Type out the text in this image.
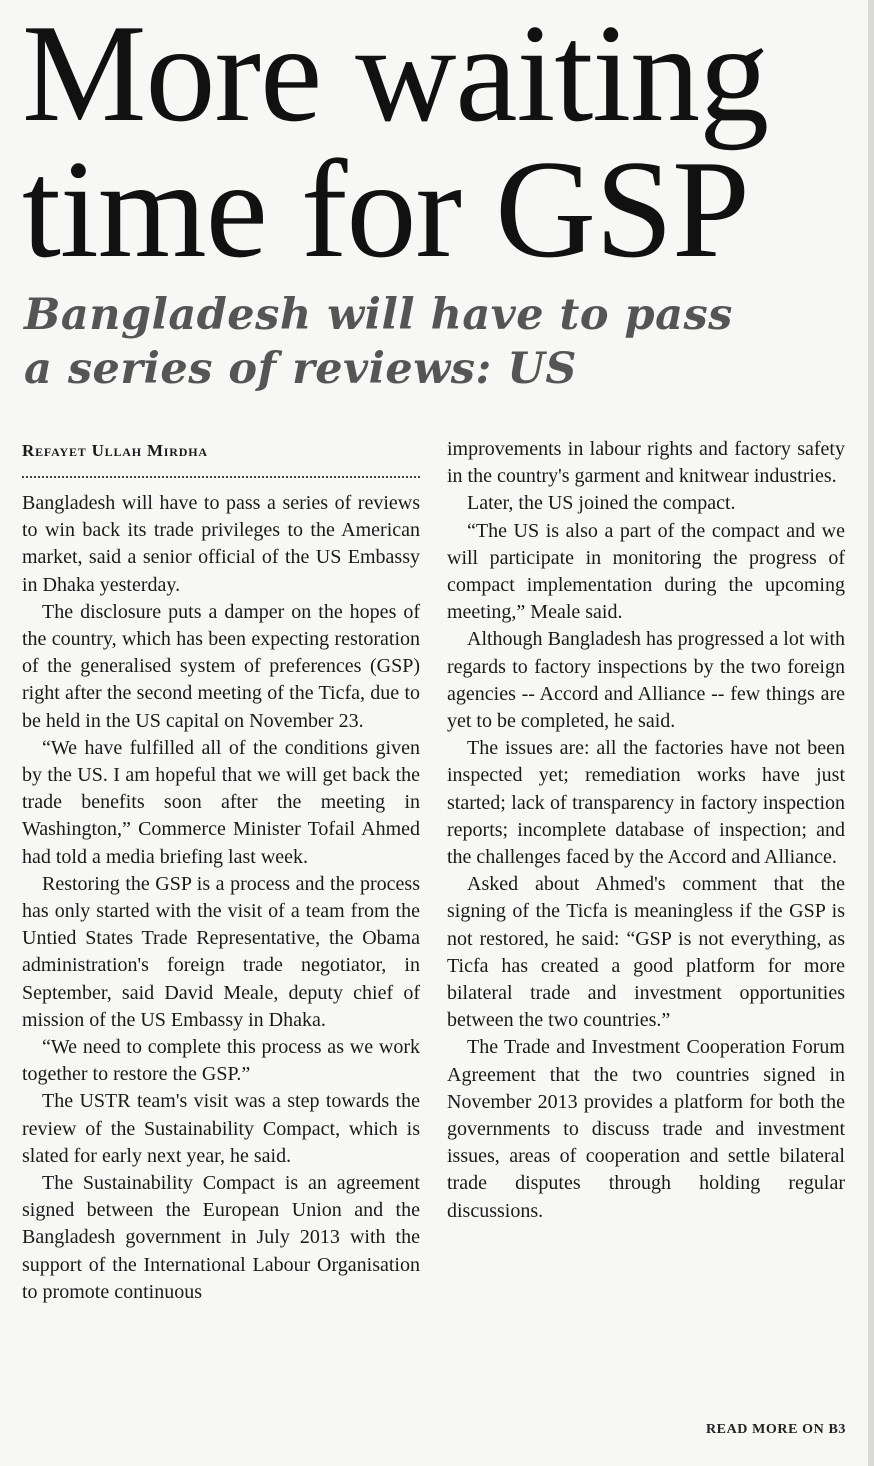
More waiting
time for GSP
Bangladesh will have to pass
a series of reviews: US

Refayet Ullah Mirdha

Bangladesh will have to pass a series of reviews to win back its trade privileges to the American market, said a senior official of the US Embassy in Dhaka yesterday.

The disclosure puts a damper on the hopes of the country, which has been expecting restoration of the generalised system of preferences (GSP) right after the second meeting of the Ticfa, due to be held in the US capital on November 23.

“We have fulfilled all of the conditions given by the US. I am hopeful that we will get back the trade benefits soon after the meeting in Washington,” Commerce Minister Tofail Ahmed had told a media briefing last week.

Restoring the GSP is a process and the process has only started with the visit of a team from the Untied States Trade Representative, the Obama administration's foreign trade negotiator, in September, said David Meale, deputy chief of mission of the US Embassy in Dhaka.

“We need to complete this process as we work together to restore the GSP.”

The USTR team's visit was a step towards the review of the Sustainability Compact, which is slated for early next year, he said.

The Sustainability Compact is an agreement signed between the European Union and the Bangladesh government in July 2013 with the support of the International Labour Organisation to promote continuous

improvements in labour rights and factory safety in the country's garment and knitwear industries.

Later, the US joined the compact.

“The US is also a part of the compact and we will participate in monitoring the progress of compact implementation during the upcoming meeting,” Meale said.

Although Bangladesh has progressed a lot with regards to factory inspections by the two foreign agencies -- Accord and Alliance -- few things are yet to be completed, he said.

The issues are: all the factories have not been inspected yet; remediation works have just started; lack of transparency in factory inspection reports; incomplete database of inspection; and the challenges faced by the Accord and Alliance.

Asked about Ahmed's comment that the signing of the Ticfa is meaningless if the GSP is not restored, he said: “GSP is not everything, as Ticfa has created a good platform for more bilateral trade and investment opportunities between the two countries.”

The Trade and Investment Cooperation Forum Agreement that the two countries signed in November 2013 provides a platform for both the governments to discuss trade and investment issues, areas of cooperation and settle bilateral trade disputes through holding regular discussions.

READ MORE ON B3
